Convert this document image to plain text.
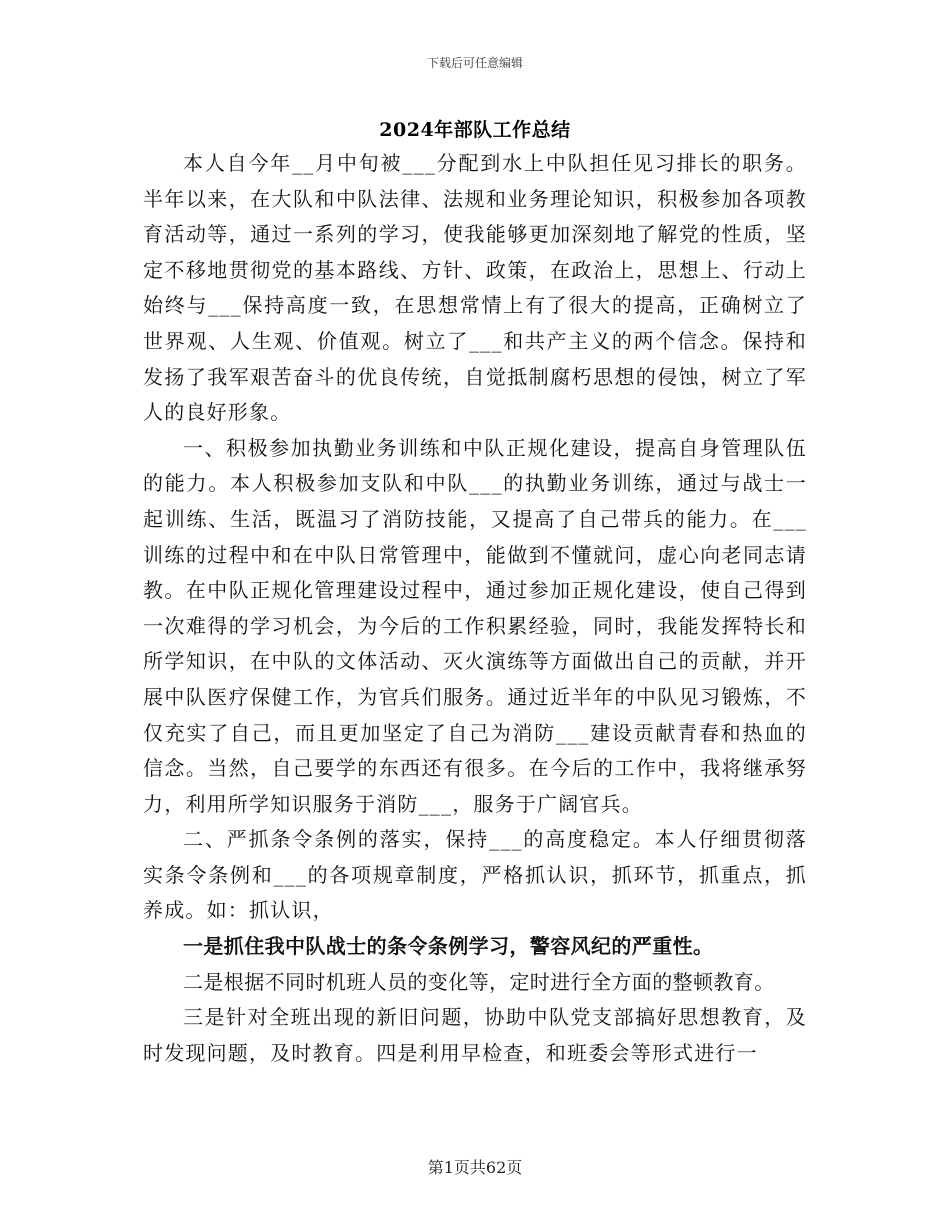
下载后可任意编辑
2024年部队工作总结

本人自今年__月中旬被___分配到水上中队担任见习排长的职务。半年以来，在大队和中队法律、法规和业务理论知识，积极参加各项教育活动等，通过一系列的学习，使我能够更加深刻地了解党的性质，坚定不移地贯彻党的基本路线、方针、政策，在政治上，思想上、行动上始终与___保持高度一致，在思想常情上有了很大的提高，正确树立了世界观、人生观、价值观。树立了___和共产主义的两个信念。保持和发扬了我军艰苦奋斗的优良传统，自觉抵制腐朽思想的侵蚀，树立了军人的良好形象。

一、积极参加执勤业务训练和中队正规化建设，提高自身管理队伍的能力。本人积极参加支队和中队___的执勤业务训练，通过与战士一起训练、生活，既温习了消防技能，又提高了自己带兵的能力。在___训练的过程中和在中队日常管理中，能做到不懂就问，虚心向老同志请教。在中队正规化管理建设过程中，通过参加正规化建设，使自己得到一次难得的学习机会，为今后的工作积累经验，同时，我能发挥特长和所学知识，在中队的文体活动、灭火演练等方面做出自己的贡献，并开展中队医疗保健工作，为官兵们服务。通过近半年的中队见习锻炼，不仅充实了自己，而且更加坚定了自己为消防___建设贡献青春和热血的信念。当然，自己要学的东西还有很多。在今后的工作中，我将继承努力，利用所学知识服务于消防___，服务于广阔官兵。

二、严抓条令条例的落实，保持___的高度稳定。本人仔细贯彻落实条令条例和___的各项规章制度，严格抓认识，抓环节，抓重点，抓养成。如：抓认识，

一是抓住我中队战士的条令条例学习，警容风纪的严重性。

二是根据不同时机班人员的变化等，定时进行全方面的整顿教育。

三是针对全班出现的新旧问题，协助中队党支部搞好思想教育，及时发现问题，及时教育。四是利用早检查，和班委会等形式进行一

第1页共62页
